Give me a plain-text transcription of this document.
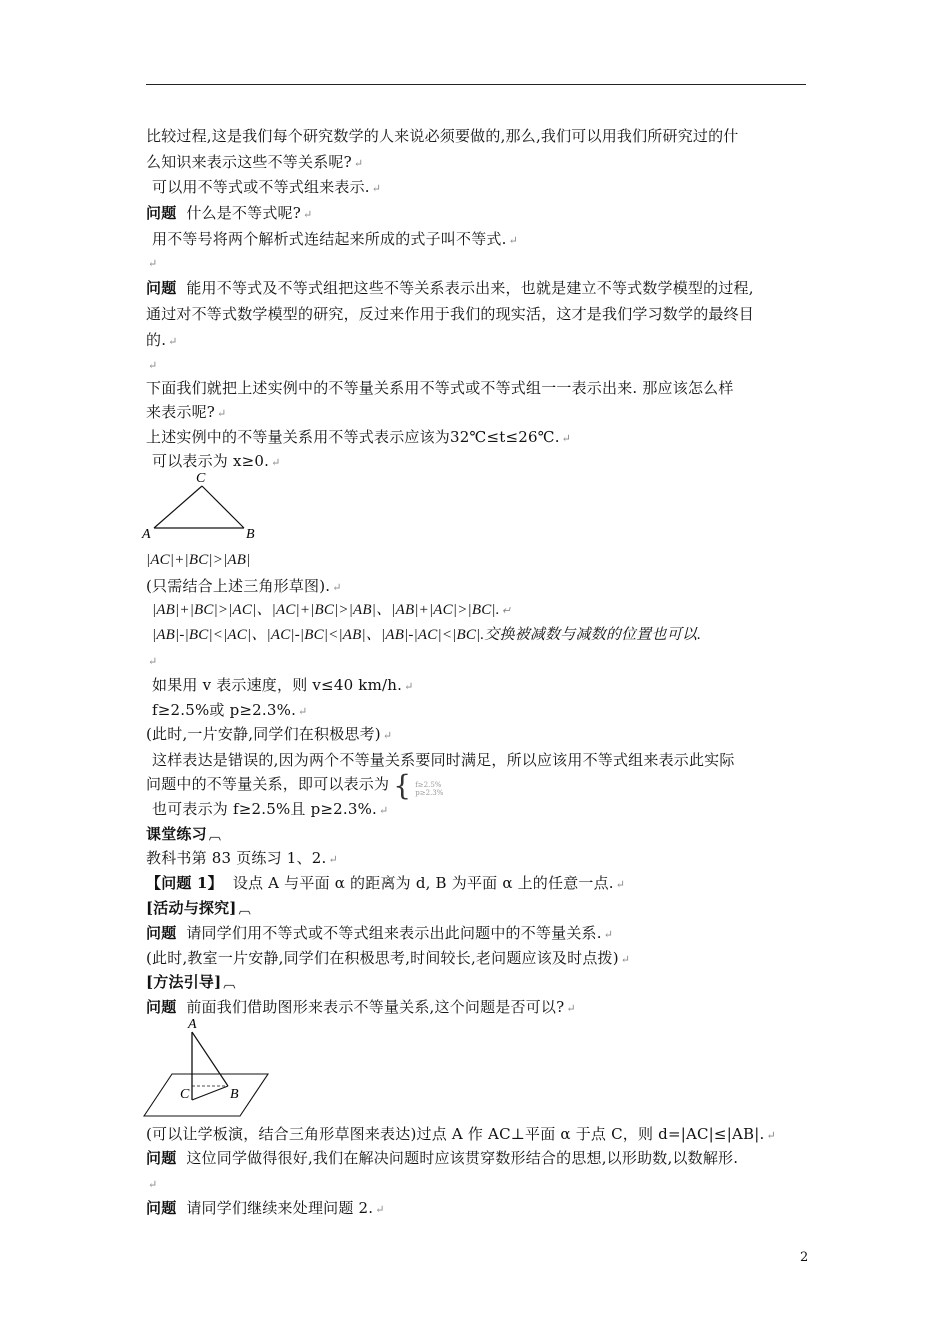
比较过程,这是我们每个研究数学的人来说必须要做的,那么,我们可以用我们所研究过的什
么知识来表示这些不等关系呢? ↵
可以用不等式或不等式组来表示. ↵
问题 什么是不等式呢? ↵
用不等号将两个解析式连结起来所成的式子叫不等式. ↵
↵
问题 能用不等式及不等式组把这些不等关系表示出来，也就是建立不等式数学模型的过程,
通过对不等式数学模型的研究，反过来作用于我们的现实活，这才是我们学习数学的最终目
的. ↵
↵
下面我们就把上述实例中的不等量关系用不等式或不等式组一一表示出来. 那应该怎么样
来表示呢? ↵
上述实例中的不等量关系用不等式表示应该为32℃≤t≤26℃. ↵
可以表示为 x≥0. ↵
C
A	B
|AC|+|BC|>|AB|
(只需结合上述三角形草图). ↵
|AB|+|BC|>|AC|、|AC|+|BC|>|AB|、|AB|+|AC|>|BC|. ↵
|AB|-|BC|<|AC|、|AC|-|BC|<|AB|、|AB|-|AC|<|BC|.交换被减数与减数的位置也可以.
↵
如果用 v 表示速度，则 v≤40 km/h. ↵
f≥2.5%或 p≥2.3%. ↵
(此时,一片安静,同学们在积极思考) ↵
这样表达是错误的,因为两个不等量关系要同时满足，所以应该用不等式组来表示此实际
问题中的不等量关系，即可以表示为 { f≥2.5%
p≥2.3%
也可表示为 f≥2.5%且 p≥2.3%. ↵
课堂练习 ︹
教科书第 83 页练习 1、2. ↵
【问题 1】 设点 A 与平面 α 的距离为 d, B 为平面 α 上的任意一点. ↵
[活动与探究] ︹
问题 请同学们用不等式或不等式组来表示出此问题中的不等量关系. ↵
(此时,教室一片安静,同学们在积极思考,时间较长,老问题应该及时点拨) ↵
[方法引导] ︹
问题 前面我们借助图形来表示不等量关系,这个问题是否可以? ↵
A
C	B
(可以让学板演，结合三角形草图来表达)过点 A 作 AC⊥平面 α 于点 C，则 d=|AC|≤|AB|. ↵
问题 这位同学做得很好,我们在解决问题时应该贯穿数形结合的思想,以形助数,以数解形.
↵
问题 请同学们继续来处理问题 2. ↵
2
